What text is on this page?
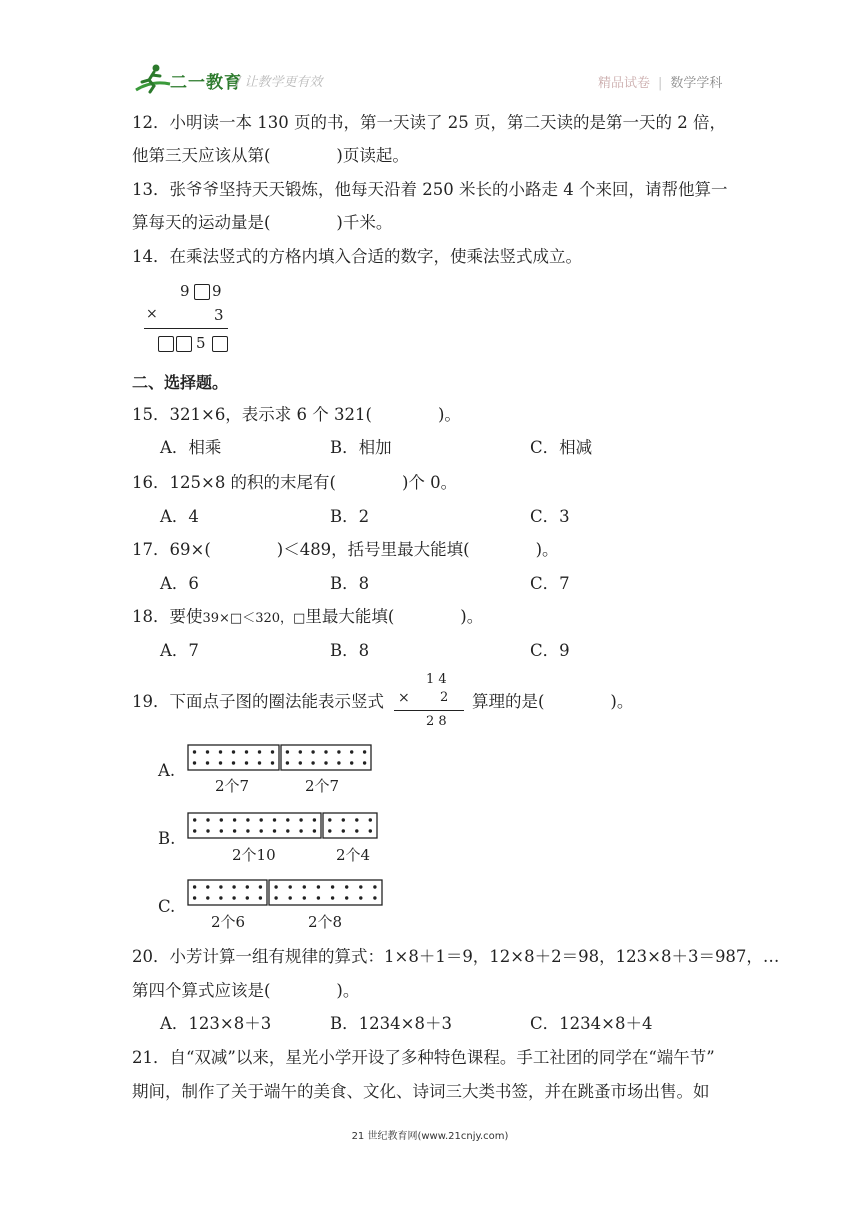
二一教育
/ 让教学更有效	精品试卷 | 数学学科
12．小明读一本 130 页的书，第一天读了 25 页，第二天读的是第一天的 2 倍，
他第三天应该从第(　　　　)页读起。
13．张爷爷坚持天天锻炼，他每天沿着 250 米长的小路走 4 个来回，请帮他算一
算每天的运动量是(　　　　)千米。
14．在乘法竖式的方格内填入合适的数字，使乘法竖式成立。
9 9
×	3
5
二、选择题。
15．321×6，表示求 6 个 321(　　　　)。
A．相乘	B．相加	C．相减
16．125×8 的积的末尾有(　　　　)个 0。
A．4	B．2	C．3
17．69×(　　　　)＜489，括号里最大能填(　　　　)。
A．6	B．8	C．7
18．要使39×□＜320，□里最大能填(　　　　)。
A．7	B．8	C．9
19．下面点子图的圈法能表示竖式
1 4
× 2
2 8
算理的是(　　　　)。
A.
2个7	2个7
B.
2个10	2个4
C.
2个6	2个8
20．小芳计算一组有规律的算式：1×8＋1＝9，12×8＋2＝98，123×8＋3＝987，…
第四个算式应该是(　　　　)。
A．123×8＋3	B．1234×8＋3	C．1234×8＋4
21．自“双减”以来，星光小学开设了多种特色课程。手工社团的同学在“端午节”
期间，制作了关于端午的美食、文化、诗词三大类书签，并在跳蚤市场出售。如
21 世纪教育网(www.21cnjy.com)
